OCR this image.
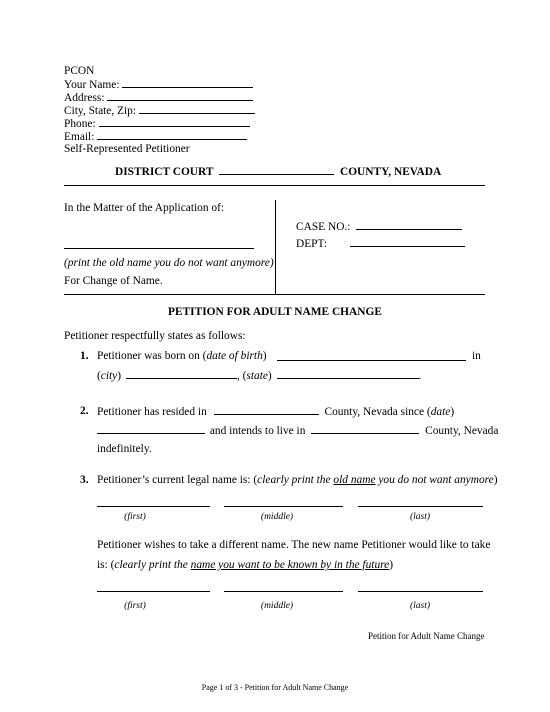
PCON
Your Name:
Address:
City, State, Zip:
Phone:
Email:
Self-Represented Petitioner
DISTRICT COURT	COUNTY, NEVADA
In the Matter of the Application of:
(print the old name you do not want anymore)
For Change of Name.
CASE NO.:
DEPT:
PETITION FOR ADULT NAME CHANGE
Petitioner respectfully states as follows:
1. Petitioner was born on (date of birth)	in
(city)	, (state)	.
2. Petitioner has resided in	County, Nevada since (date)
and intends to live in	County, Nevada
indefinitely.
3. Petitioner’s current legal name is: (clearly print the old name you do not want anymore)
(first)	(middle)	(last)
Petitioner wishes to take a different name. The new name Petitioner would like to take
is: (clearly print the name you want to be known by in the future)
(first)	(middle)	(last)
Petition for Adult Name Change
Page 1 of 3 - Petition for Adult Name Change
